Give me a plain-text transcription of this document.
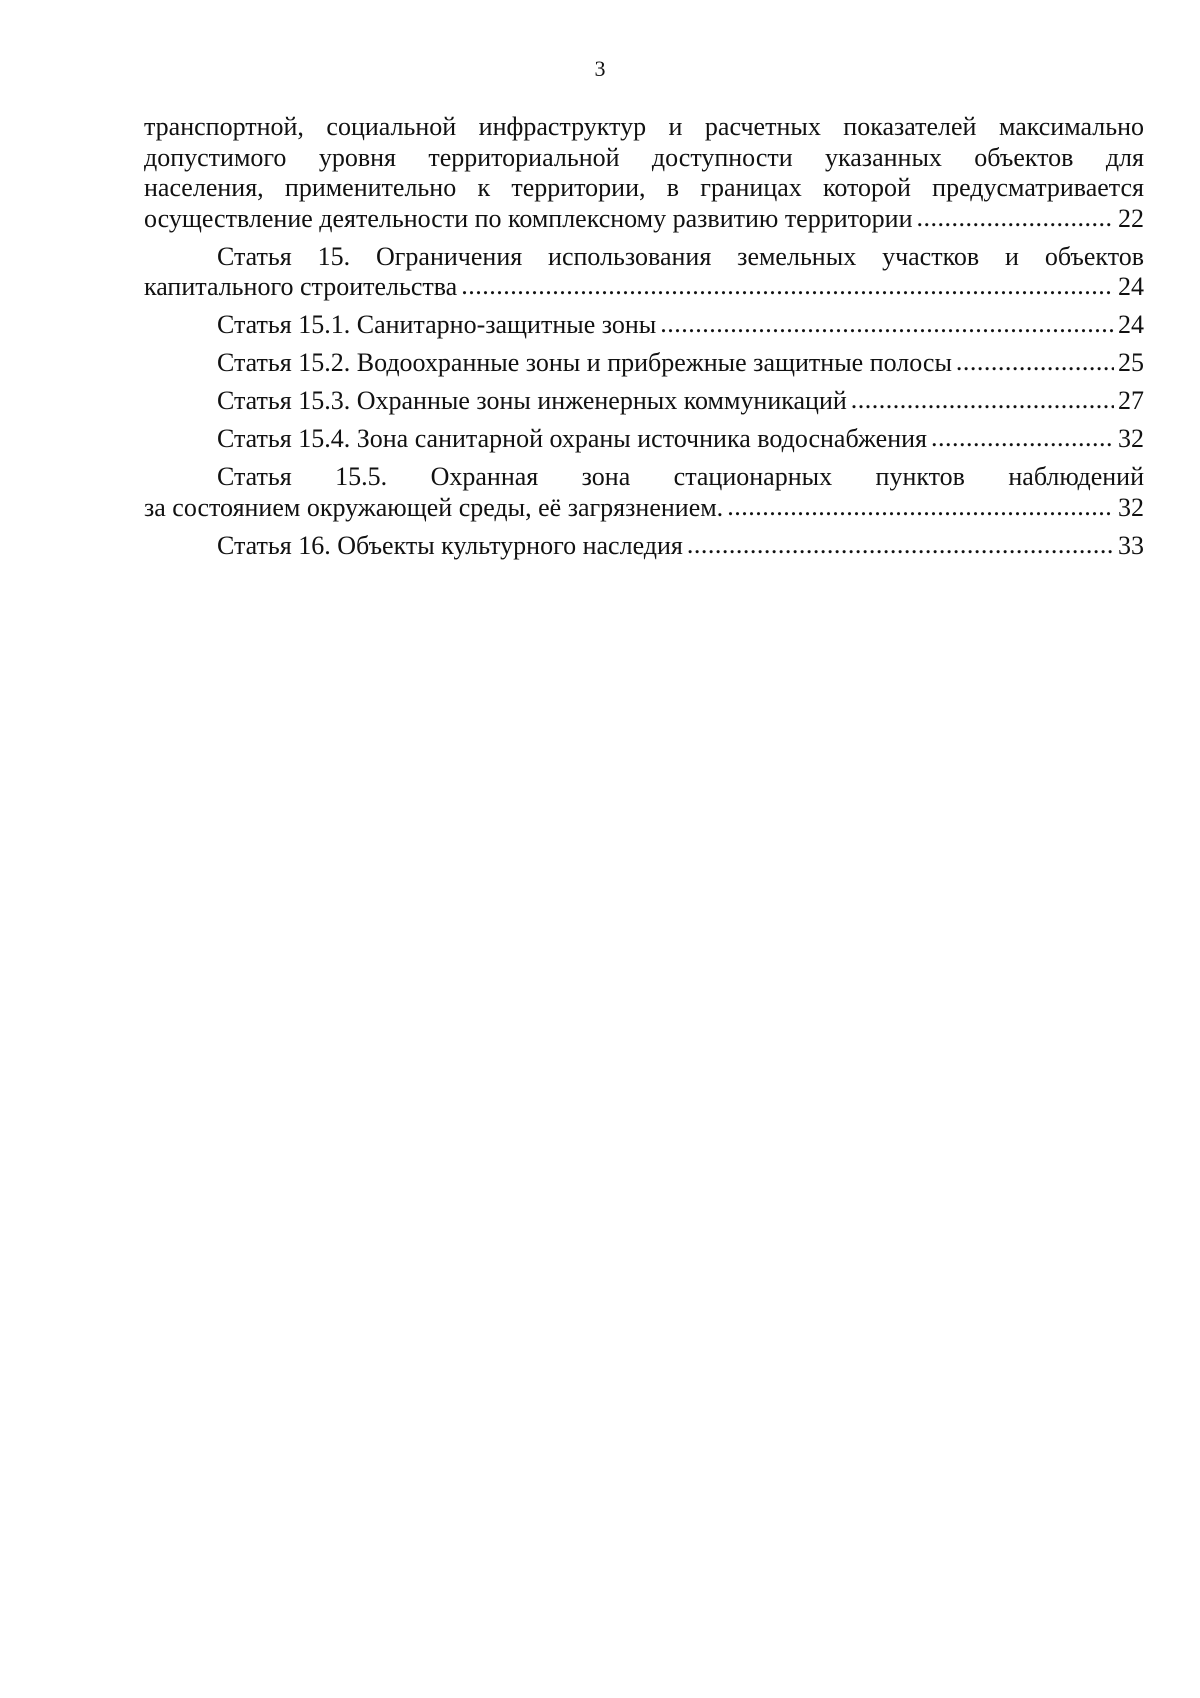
3
транспортной, социальной инфраструктур и расчетных показателей максимально
допустимого уровня территориальной доступности указанных объектов для
населения, применительно к территории, в границах которой предусматривается
осуществление деятельности по комплексному развитию территории .....	22
Статья 15. Ограничения использования земельных участков и объектов
капитального строительства .....	24
Статья 15.1. Санитарно-защитные зоны .....	24
Статья 15.2. Водоохранные зоны и прибрежные защитные полосы .....	25
Статья 15.3. Охранные зоны инженерных коммуникаций .....	27
Статья 15.4. Зона санитарной охраны источника водоснабжения .....	32
Статья 15.5. Охранная зона стационарных пунктов наблюдений
за состоянием окружающей среды, её загрязнением. .....	32
Статья 16. Объекты культурного наследия .....	33
